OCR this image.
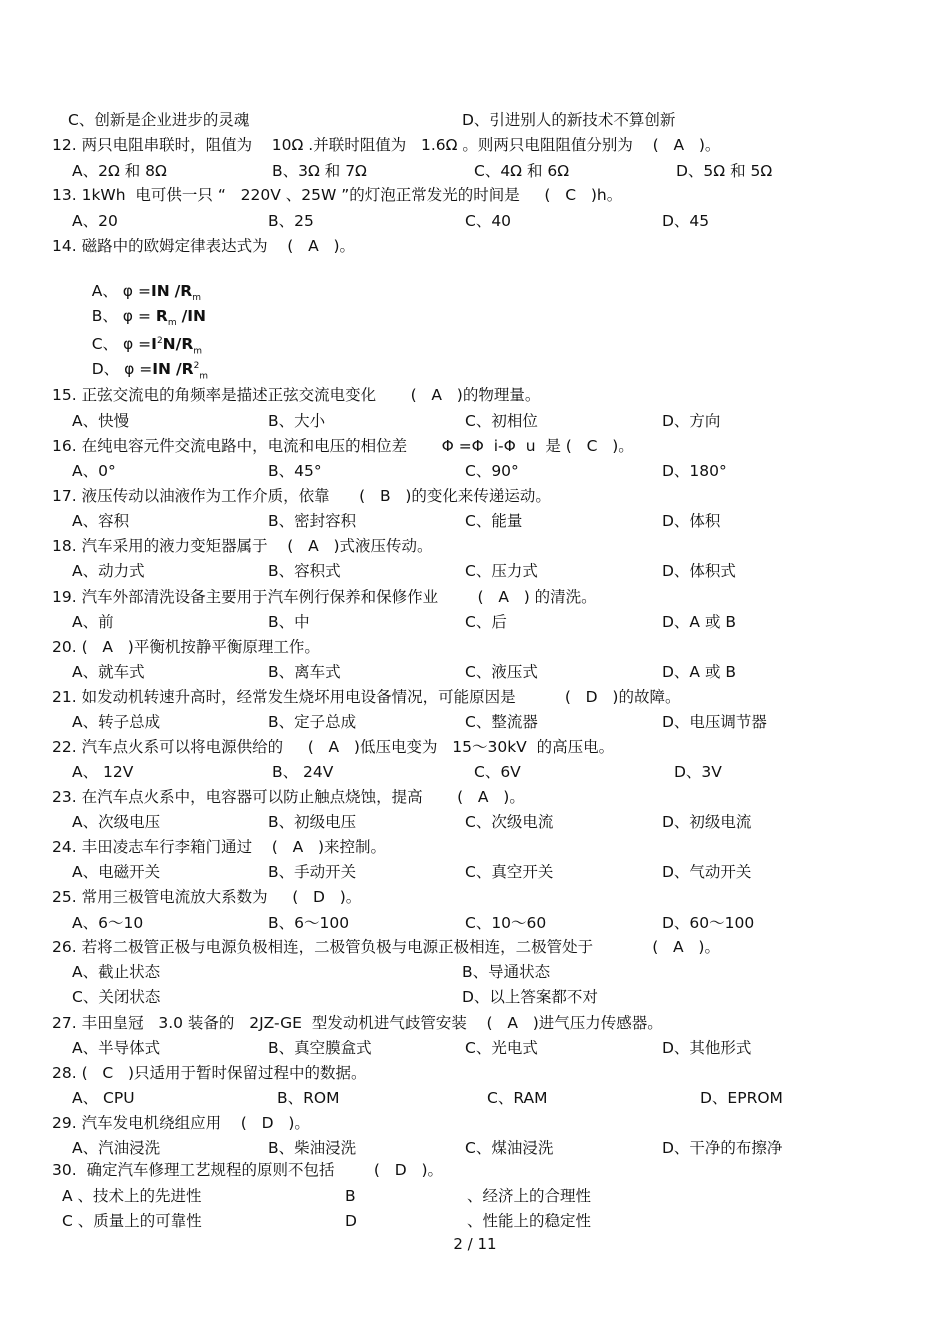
C、创新是企业进步的灵魂	D、引进别人的新技术不算创新
12. 两只电阻串联时，阻值为    10Ω .并联时阻值为   1.6Ω 。则两只电阻阻值分别为    (   A   )。
A、2Ω 和 8Ω	B、3Ω 和 7Ω	C、4Ω 和 6Ω	D、5Ω 和 5Ω
13. 1kWh  电可供一只 “   220V 、25W ”的灯泡正常发光的时间是     (   C   )h。
A、20	B、25	C、40	D、45
14. 磁路中的欧姆定律表达式为    (   A   )。
15. 正弦交流电的角频率是描述正弦交流电变化       (   A   )的物理量。
A、快慢	B、大小	C、初相位	D、方向
16. 在纯电容元件交流电路中，电流和电压的相位差       Φ =Φ  i-Φ  u  是 (   C   )。
A、0°	B、45°	C、90°	D、180°
17. 液压传动以油液作为工作介质，依靠      (   B   )的变化来传递运动。
A、容积	B、密封容积	C、能量	D、体积
18. 汽车采用的液力变矩器属于    (   A   )式液压传动。
A、动力式	B、容积式	C、压力式	D、体积式
19. 汽车外部清洗设备主要用于汽车例行保养和保修作业        (   A   ) 的清洗。
A、前	B、中	C、后	D、A 或 B
20. (   A   )平衡机按静平衡原理工作。
A、就车式	B、离车式	C、液压式	D、A 或 B
21. 如发动机转速升高时，经常发生烧坏用电设备情况，可能原因是          (   D   )的故障。
A、转子总成	B、定子总成	C、整流器	D、电压调节器
22. 汽车点火系可以将电源供给的     (   A   )低压电变为   15～30kV  的高压电。
A、 12V	B、 24V	C、6V	D、3V
23. 在汽车点火系中，电容器可以防止触点烧蚀，提高       (   A   )。
A、次级电压	B、初级电压	C、次级电流	D、初级电流
24. 丰田凌志车行李箱门通过    (   A   )来控制。
A、电磁开关	B、手动开关	C、真空开关	D、气动开关
25. 常用三极管电流放大系数为     (   D   )。
A、6～10	B、6～100	C、10～60	D、60～100
26. 若将二极管正极与电源负极相连，二极管负极与电源正极相连，二极管处于            (   A   )。
A、截止状态	B、导通状态
C、关闭状态	D、以上答案都不对
27. 丰田皇冠   3.0 装备的   2JZ-GE  型发动机进气歧管安装    (   A   )进气压力传感器。
A、半导体式	B、真空膜盒式	C、光电式	D、其他形式
28. (   C   )只适用于暂时保留过程中的数据。
A、 CPU	B、ROM	C、RAM	D、EPROM
29. 汽车发电机绕组应用    (   D   )。
A、汽油浸洗	B、柴油浸洗	C、煤油浸洗	D、干净的布擦净
30.  确定汽车修理工艺规程的原则不包括        (   D   )。
A 、技术上的先进性	B	、经济上的合理性
C 、质量上的可靠性	D	、性能上的稳定性

A、 φ =IN $/R_m$

B、 $\varphi = R_m$ /IN

C、 $\varphi =I^2N/R_m$

D、 φ =IN $/R^2_m$

2 / 11
